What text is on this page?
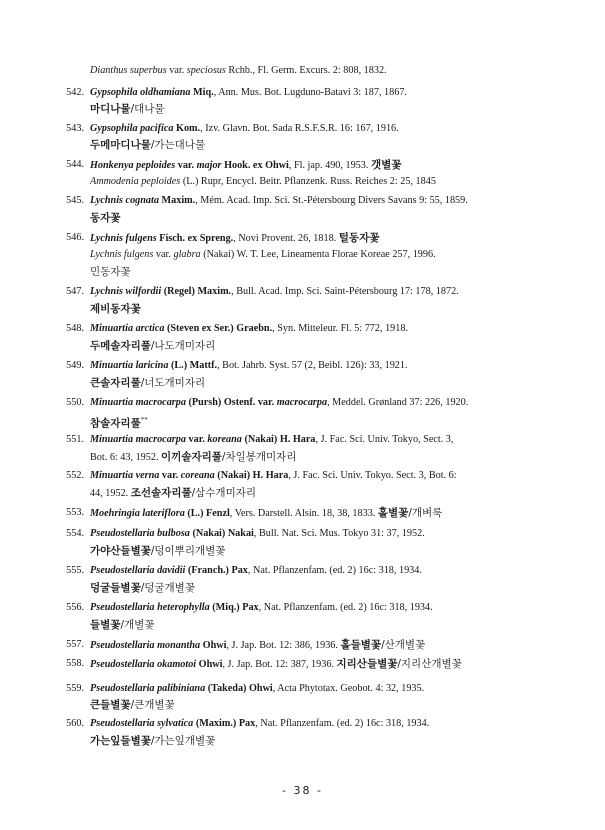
Dianthus superbus var. speciosus Rchb., Fl. Germ. Excurs. 2: 808, 1832.
542. Gypsophila oldhamiana Miq., Ann. Mus. Bot. Lugduno-Batavi 3: 187, 1867.
마디나물/대나물
543. Gypsophila pacifica Kom., Izv. Glavn. Bot. Sada R.S.F.S.R. 16: 167, 1916.
두메마디나물/가는대나물
544. Honkenya peploides var. major Hook. ex Ohwi, Fl. jap. 490, 1953. 갯별꽃
Ammodenia peploides (L.) Rupr, Encycl. Beitr. Pflanzenk. Russ. Reiches 2: 25, 1845
545. Lychnis cognata Maxim., Mém. Acad. Imp. Sci. St.-Pétersbourg Divers Savans 9: 55, 1859.
동자꽃
546. Lychnis fulgens Fisch. ex Spreng., Novi Provent. 26, 1818. 털동자꽃
Lychnis fulgens var. glabra (Nakai) W. T. Lee, Lineamenta Florae Koreae 257, 1996.
민동자꽃
547. Lychnis wilfordii (Regel) Maxim., Bull. Acad. Imp. Sci. Saint-Pétersbourg 17: 178, 1872.
제비동자꽃
548. Minuartia arctica (Steven ex Ser.) Graebn., Syn. Mitteleur. Fl. 5: 772, 1918.
두메솔자리풀/나도개미자리
549. Minuartia laricina (L.) Mattf., Bot. Jahrb. Syst. 57 (2, Beibl. 126): 33, 1921.
큰솔자리풀/너도개미자리
550. Minuartia macrocarpa (Pursh) Ostenf. var. macrocarpa, Meddel. Grønland 37: 226, 1920.
참솔자리풀**
551. Minuartia macrocarpa var. koreana (Nakai) H. Hara, J. Fac. Sci. Univ. Tokyo, Sect. 3,
Bot. 6: 43, 1952. 이끼솔자리풀/차일봉개미자리
552. Minuartia verna var. coreana (Nakai) H. Hara, J. Fac. Sci. Univ. Tokyo. Sect. 3, Bot. 6:
44, 1952. 조선솔자리풀/삼수개미자리
553. Moehringia lateriflora (L.) Fenzl, Vers. Darstell. Alsin. 18, 38, 1833. 홀별꽃/개벼룩
554. Pseudostellaria bulbosa (Nakai) Nakai, Bull. Nat. Sci. Mus. Tokyo 31: 37, 1952.
가야산들별꽃/덩이뿌리개별꽃
555. Pseudostellaria davidii (Franch.) Pax, Nat. Pflanzenfam. (ed. 2) 16c: 318, 1934.
덩굴들별꽃/덩굴개별꽃
556. Pseudostellaria heterophylla (Miq.) Pax, Nat. Pflanzenfam. (ed. 2) 16c: 318, 1934.
들별꽃/개별꽃
557. Pseudostellaria monantha Ohwi, J. Jap. Bot. 12: 386, 1936. 홀들별꽃/산개별꽃
558. Pseudostellaria okamotoi Ohwi, J. Jap. Bot. 12: 387, 1936. 지리산들별꽃/지리산개별꽃
559. Pseudostellaria palibiniana (Takeda) Ohwi, Acta Phytotax. Geobot. 4: 32, 1935.
큰들별꽃/큰개별꽃
560. Pseudostellaria sylvatica (Maxim.) Pax, Nat. Pflanzenfam. (ed. 2) 16c: 318, 1934.
가는잎들별꽃/가는잎개별꽃
- 38 -
